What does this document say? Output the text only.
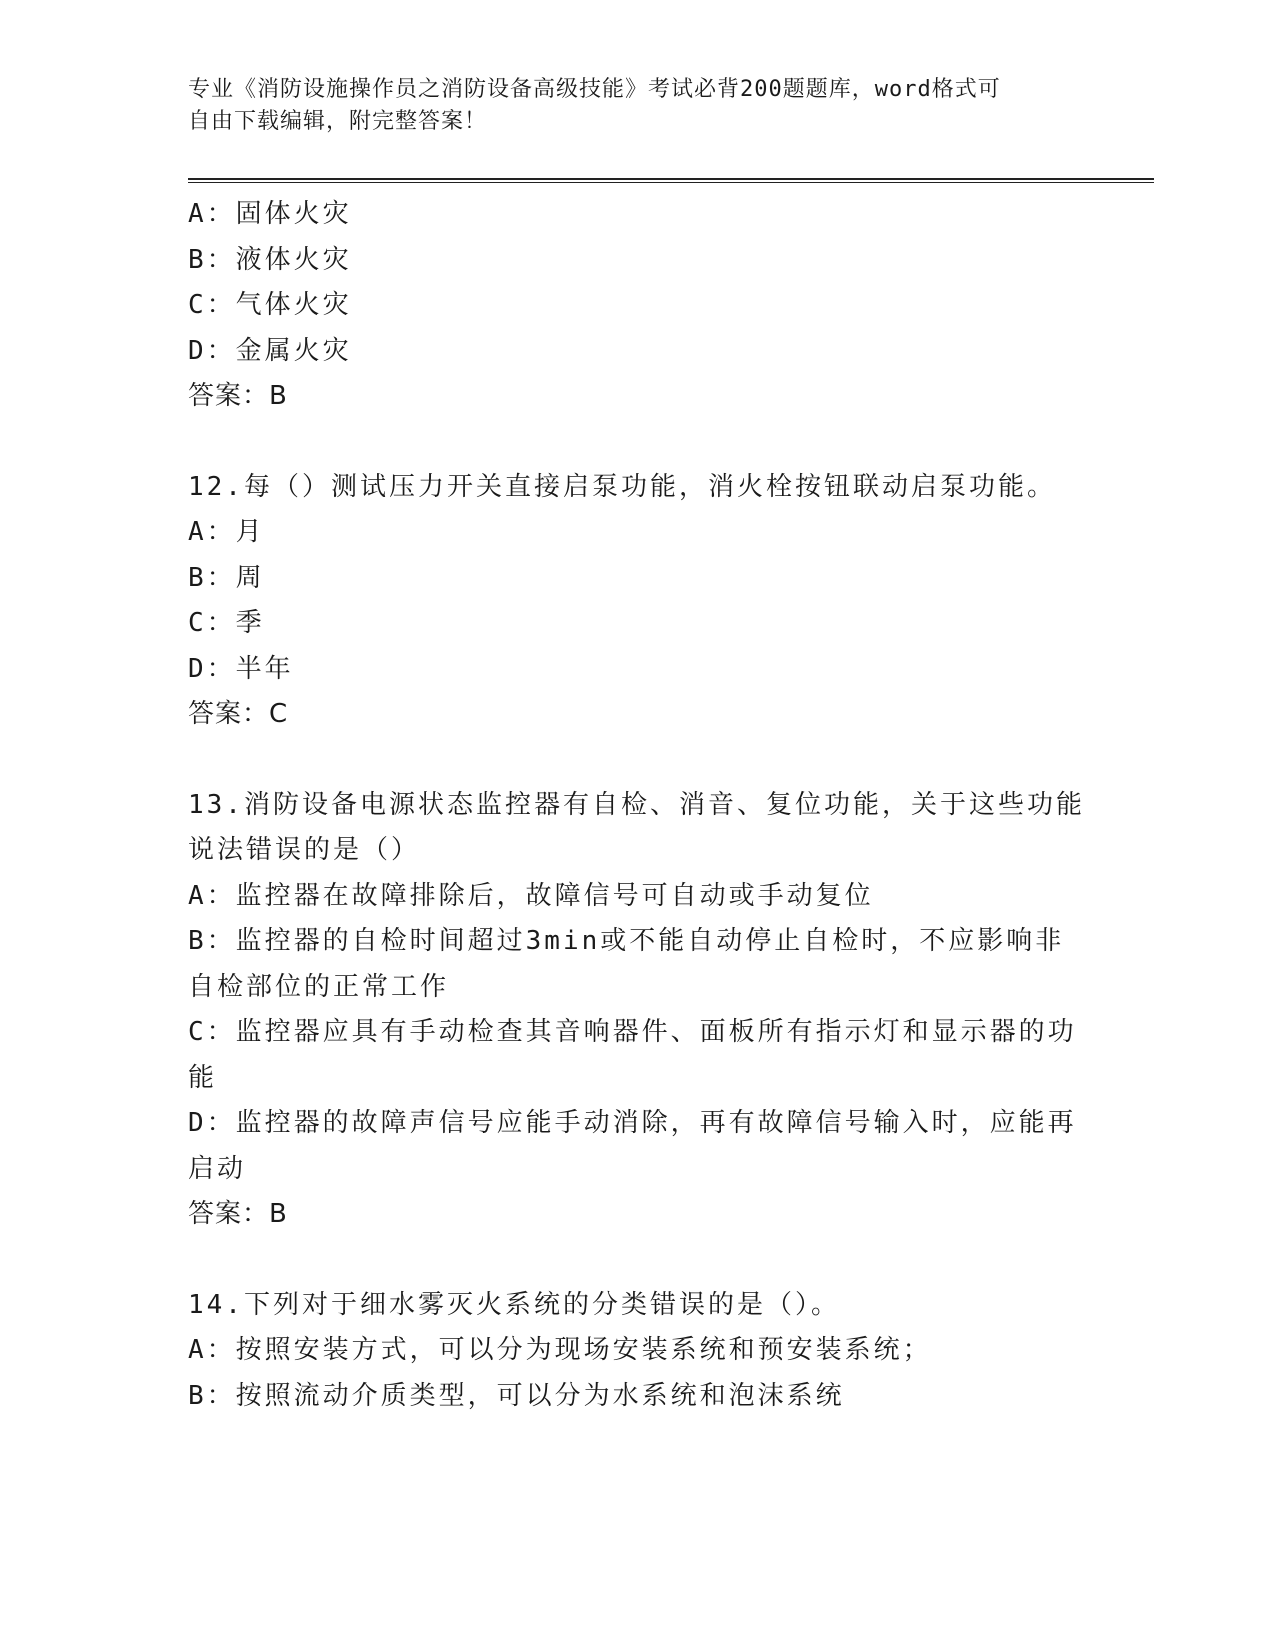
专业《消防设施操作员之消防设备高级技能》考试必背200题题库，word格式可
自由下载编辑，附完整答案！
A：固体火灾
B：液体火灾
C：气体火灾
D：金属火灾
答案：B
12.每（）测试压力开关直接启泵功能，消火栓按钮联动启泵功能。
A：月
B：周
C：季
D：半年
答案：C
13.消防设备电源状态监控器有自检、消音、复位功能，关于这些功能
说法错误的是（）
A：监控器在故障排除后，故障信号可自动或手动复位
B：监控器的自检时间超过3min或不能自动停止自检时，不应影响非
自检部位的正常工作
C：监控器应具有手动检查其音响器件、面板所有指示灯和显示器的功
能
D：监控器的故障声信号应能手动消除，再有故障信号输入时，应能再
启动
答案：B
14.下列对于细水雾灭火系统的分类错误的是（）。
A：按照安装方式，可以分为现场安装系统和预安装系统；
B：按照流动介质类型，可以分为水系统和泡沫系统
